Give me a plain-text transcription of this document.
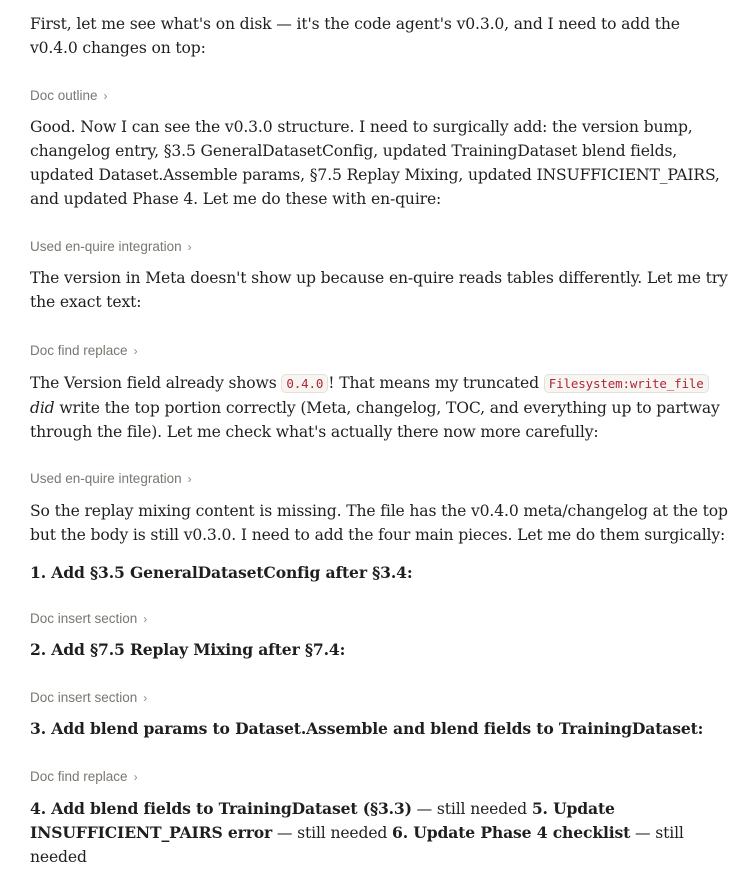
First, let me see what's on disk — it's the code agent's v0.3.0, and I need to add the v0.4.0 changes on top:
Doc outline ›
Good. Now I can see the v0.3.0 structure. I need to surgically add: the version bump, changelog entry, §3.5 GeneralDatasetConfig, updated TrainingDataset blend fields, updated Dataset.Assemble params, §7.5 Replay Mixing, updated INSUFFICIENT_PAIRS, and updated Phase 4. Let me do these with en-quire:
Used en-quire integration ›
The version in Meta doesn't show up because en-quire reads tables differently. Let me try the exact text:
Doc find replace ›
The Version field already shows 0.4.0 ! That means my truncated Filesystem:write_file
did write the top portion correctly (Meta, changelog, TOC, and everything up to partway through the file). Let me check what's actually there now more carefully:
Used en-quire integration ›
So the replay mixing content is missing. The file has the v0.4.0 meta/changelog at the top but the body is still v0.3.0. I need to add the four main pieces. Let me do them surgically:
1. Add §3.5 GeneralDatasetConfig after §3.4:
Doc insert section ›
2. Add §7.5 Replay Mixing after §7.4:
Doc insert section ›
3. Add blend params to Dataset.Assemble and blend fields to TrainingDataset:
Doc find replace ›
4. Add blend fields to TrainingDataset (§3.3) — still needed 5. Update INSUFFICIENT_PAIRS error — still needed 6. Update Phase 4 checklist — still needed
